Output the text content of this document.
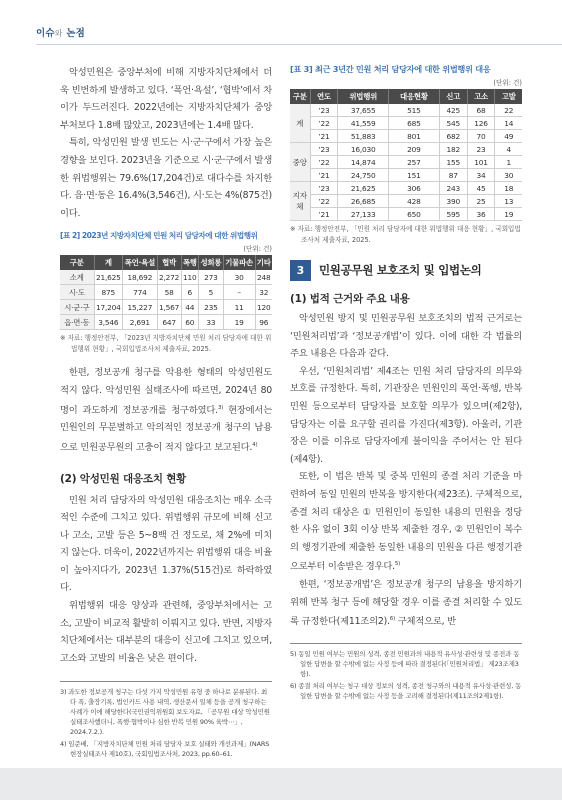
이슈와 논점

악성민원은 중앙부처에 비해 지방자치단체에서 더욱 빈번하게 발생하고 있다. ‘폭언·욕설’, ‘협박’에서 차이가 두드러진다. 2022년에는 지방자치단체가 중앙부처보다 1.8배 많았고, 2023년에는 1.4배 많다.

특히, 악성민원 발생 빈도는 시·군·구에서 가장 높은 경향을 보인다. 2023년을 기준으로 시·군·구에서 발생한 위법행위는 79.6%(17,204건)로 대다수를 차지한다. 읍·면·동은 16.4%(3,546건), 시·도는 4%(875건)이다.

[표 2] 2023년 지방자치단체 민원 처리 담당자에 대한 위법행위
(단위: 건)
구분	계	폭언·욕설	협박	폭행	성희롱	기물파손	기타
소계	21,625	18,692	2,272	110	273	30	248
시·도	875	774	58	6	5	–	32
시·군·구	17,204	15,227	1,567	44	235	11	120
읍·면·동	3,546	2,691	647	60	33	19	96
※ 자료: 행정안전부, 「2023년 지방자치단체 민원 처리 담당자에 대한 위법행위 현황」, 국회입법조사처 제출자료, 2025.

한편, 정보공개 청구를 악용한 형태의 악성민원도 적지 않다. 악성민원 실태조사에 따르면, 2024년 80명이 과도하게 정보공개를 청구하였다.$^{3)}$ 현장에서는 민원인의 무분별하고 악의적인 정보공개 청구의 남용으로 민원공무원의 고충이 적지 않다고 보고된다.$^{4)}$

(2) 악성민원 대응조치 현황

민원 처리 담당자의 악성민원 대응조치는 매우 소극적인 수준에 그치고 있다. 위법행위 규모에 비해 신고나 고소, 고발 등은 5~8백 건 정도로, 채 2%에 미치지 않는다. 더욱이, 2022년까지는 위법행위 대응 비율이 높아지다가, 2023년 1.37%(515건)로 하락하였다.

위법행위 대응 양상과 관련해, 중앙부처에서는 고소, 고발이 비교적 활발히 이뤄지고 있다. 반면, 지방자치단체에서는 대부분의 대응이 신고에 그치고 있으며, 고소와 고발의 비율은 낮은 편이다.

3) 과도한 정보공개 청구는 다섯 가지 악성민원 유형 중 하나로 분류된다. 최다 폭, 출장기록, 법인카드 사용 내역, 생산문서 일체 등을 공개 청구하는 사례가 이에 해당한다(국민권익위원회 보도자료, 「공무원 대상 악성민원 실태조사했더니, 폭행·협박이나 심한 반복 민원 90% 육박⋯」, 2024.7.2.).
4) 임준배, 「지방자치단체 민원 처리 담당자 보호 실태와 개선과제」(NARS 현장실태조사 제10호), 국회입법조사처, 2023, pp.60–61.
[표 3] 최근 3년간 민원 처리 담당자에 대한 위법행위 대응
(단위: 건)
구분	연도	위법행위	대응현황	신고	고소	고발
계	’23	37,655	515	425	68	22
	’22	41,559	685	545	126	14
	’21	51,883	801	682	70	49
중앙	’23	16,030	209	182	23	4
	’22	14,874	257	155	101	1
	’21	24,750	151	87	34	30
지자체	’23	21,625	306	243	45	18
	’22	26,685	428	390	25	13
	’21	27,133	650	595	36	19
※ 자료: 행정안전부, 「민원 처리 담당자에 대한 위법행위 대응 현황」, 국회입법조사처 제출자료, 2025.
3	민원공무원 보호조치 및 입법논의
(1) 법적 근거와 주요 내용

악성민원 방지 및 민원공무원 보호조치의 법적 근거로는 ‘민원처리법’과 ‘정보공개법’이 있다. 이에 대한 각 법률의 주요 내용은 다음과 같다.

우선, ‘민원처리법’ 제4조는 민원 처리 담당자의 의무와 보호를 규정한다. 특히, 기관장은 민원인의 폭언·폭행, 반복 민원 등으로부터 담당자를 보호할 의무가 있으며(제2항), 담당자는 이를 요구할 권리를 가진다(제3항). 아울러, 기관장은 이를 이유로 담당자에게 불이익을 주어서는 안 된다(제4항).

또한, 이 법은 반복 및 중복 민원의 종결 처리 기준을 마련하여 동일 민원의 반복을 방지한다(제23조). 구체적으로, 종결 처리 대상은 ① 민원인이 동일한 내용의 민원을 정당한 사유 없이 3회 이상 반복 제출한 경우, ② 민원인이 복수의 행정기관에 제출한 동일한 내용의 민원을 다른 행정기관으로부터 이송받은 경우다.$^{5)}$

한편, ‘정보공개법’은 정보공개 청구의 남용을 방지하기 위해 반복 청구 등에 해당할 경우 이를 종결 처리할 수 있도록 규정한다(제11조의2).$^{6)}$ 구체적으로, 반

5) 동일 민원 여부는 민원의 성격, 종전 민원과의 내용적 유사성·관련성 및 종전과 동일한 답변을 할 수밖에 없는 사정 등에 따라 결정된다(「민원처리법」 제23조제3항).
6) 종결 처리 여부는 청구 대상 정보의 성격, 종전 청구와의 내용적 유사성·관련성, 동일한 답변을 할 수밖에 없는 사정 등을 고려해 결정된다(제11조의2제1항).
